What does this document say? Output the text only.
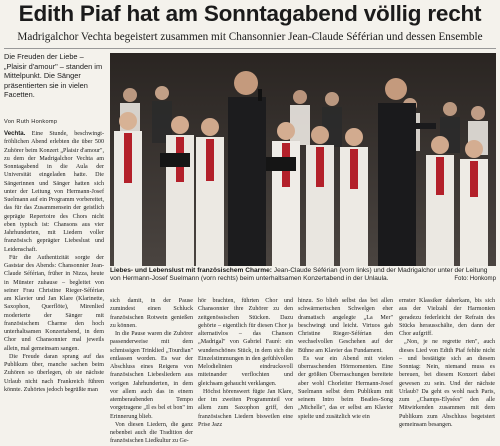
Edith Piaf hat am Sonntagabend völlig recht
Madrigalchor Vechta begeistert zusammen mit Chansonnier Jean-Claude Séférian und dessen Ensemble
Die Freuden der Liebe – „Plaisir d'amour" – standen im Mittelpunkt. Die Sänger präsentierten sie in vielen Facetten.
Von Ruth Honkomp

Vechta. Eine Stunde, beschwingt-fröhlichen Abend erlebten die über 500 Zuhörer beim Konzert „Plaisir d'amour", zu dem der Madrigalchor Vechta am Sonntagabend in die Aula der Universität eingeladen hatte. Die Sängerinnen und Sänger hatten sich unter der Leitung von Hermann-Josef Suelmann auf ein Programm vorbereitet, das für das Zusammensein der geistlich geprägte Repertoire des Chors nicht eben typisch ist: Chansons aus vier Jahrhunderten, mit Liedern voller französisch geprägter Liebeslust und Leidenschaft.

Für die Authentizität sorgte der Gaststar des Abends: Chansonnier Jean-Claude Séférian, früher in Nizza, heute in Münster zuhause – begleitet von seiner Frau Christine Rieger-Séférian am Klavier und Jan Klare (Klarinette, Saxophon, Querflöte), Mirenlied moderierte der Sänger mit französischem Charme den hoch unterhaltsamen Konzertabend, in dem Chor und Chansonnier mal jeweils allein, mal gemeinsam sangen.

Die Freude daran sprang auf das Publikum über, manche sachen beim Zuhören so überlegen, ob sie nächste Urlaub nicht nach Frankreich führen könnte. Zuhörtes jedoch begrüßte man

Liebes- und Lebenslust mit französischem Charme: Jean-Claude Séférian (vorn links) und der Madrigalchor unter der Leitung von Hermann-Josef Suelmann (vorn rechts) beim unterhaltsamen Konzertabend in der Unlaula.	Foto: Honkomp

sich damit, in der Pause zumindest einen Schluck französischen Rotwein genießen zu können.

In die Pause waren die Zuhörer passenderweise mit dem schmissigen Trinklied „Tourdian" entlassen worden. Es war der Abschluss eines Reigens von französischen Liebesliedern aus vorigen Jahrhunderten, in dem vor allem auch das in einem atemberaubenden Tempo vorgetragene „Il es bel et bon" im Erinnerung blieb.

Von diesen Liedern, die ganz nebenbei auch die Tradition der französischen Liedkultur zu Ge-

hör brachten, führten Chor und Chansonnier ihre Zuhörer zu den zeitgenössischen Stücken. Dazu gehörte – eigentlich für diesen Chor ja alternativlos – das Chanson „Madrigal" von Gabriel Fauré: ein wunderschönes Stück, in dem sich die Einzelstimmungen in den gefühlvollen Melodielinien eindrucksvoll miteinander verflochten und gleichsam gehaucht verklangen.

Höchst hörenswert fügte Jan Klare, der im zweiten Programmteil vor allem zum Saxophon griff, den französischen Liedern bisweilen eine Prise Jazz

hinzu. So blieb selbst das bei allen schwärmerischen Schwelgen eher dramatisch angelegte „La Mer" beschwingt und leicht. Virtuos gab Christine Rieger-Séférian den wechselvollen Geschehen auf der Bühne am Klavier das Fundament.

Es war ein Abend mit vielen überraschenden Hörmomenten. Eine der größten Überraschungen bereitete aber wohl Chorleiter Hermann-Josef Suelmann selbst dem Publikum mit seinem Intro beim Beatles-Song „Michelle", das er selbst am Klavier spielte und zusätzlich wie ein

ernster Klassiker daherkam, bis sich aus der Vielzahl der Harmonien geradezu federleicht der Refrain des Stücks herausschälte, den dann der Chor aufgriff.

„Non, je ne regrette rien", auch dieses Lied von Edith Piaf fehlte nicht – und bestätigte sich an diesem Sonntag: Nein, niemand muss es bereuen, bei diesem Konzert dabei gewesen zu sein. Und der nächste Urlaub? Da geht es wohl nach Paris, zum „Champs-Elysées" den alle Mitwirkenden zusammen mit dem Publikum zum Abschluss begeistert gemeinsam besangen.
